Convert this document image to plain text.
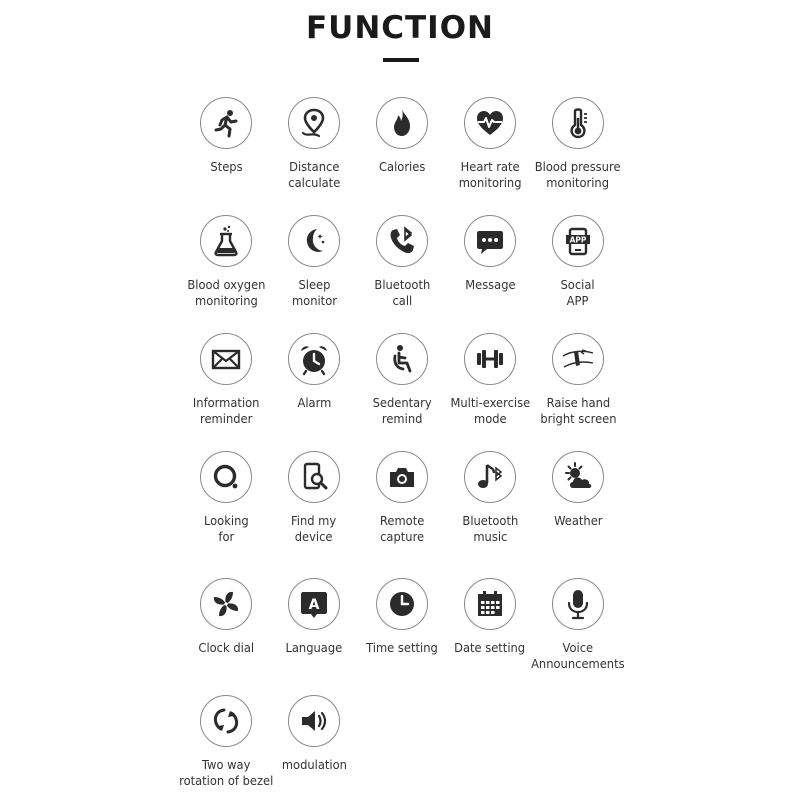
FUNCTION
Steps	Distance
calculate
Calories	Heart rate
monitoring
Blood pressure
monitoring
Blood oxygen
monitoring
Sleep
monitor
Bluetooth
call
Message
APP
Social
APP
Information
reminder
Alarm	Sedentary
remind
Multi-exercise
mode
Raise hand
bright screen
Looking
for
Find my
device
Remote
capture
Bluetooth
music
Weather
Clock dial
A
Language Time setting Date setting	Voice
Announcements
Two way
rotation of bezel
modulation
